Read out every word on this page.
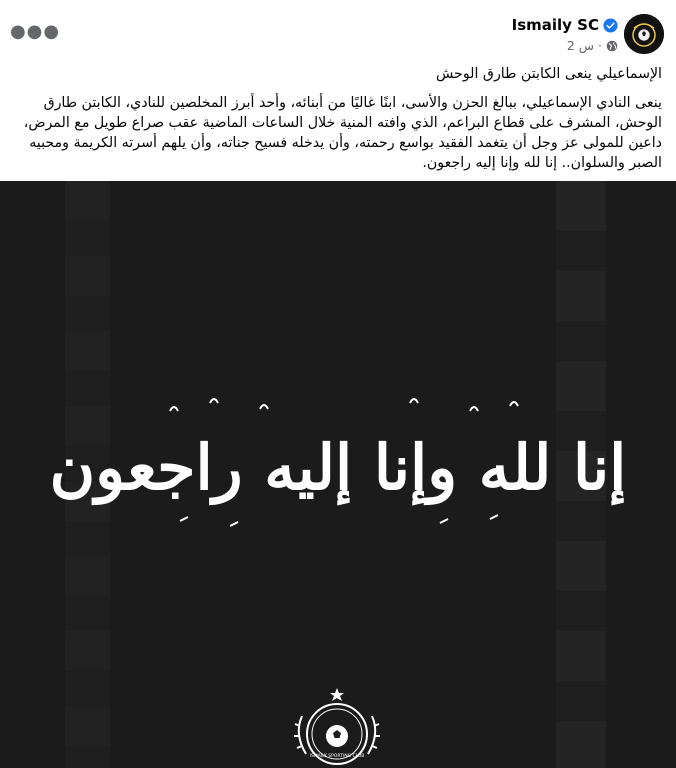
●●●	Ismaily SC
2 س ·

الإسماعيلي ينعى الكابتن طارق الوحش

ينعى النادي الإسماعيلي، ببالغ الحزن والأسى، ابنًا غاليًا من أبنائه، وأحد أبرز المخلصين للنادي، الكابتن طارق الوحش، المشرف على قطاع البراعم، الذي وافته المنية خلال الساعات الماضية عقب صراع طويل مع المرض، داعين للمولى عز وجل أن يتغمد الفقيد بواسع رحمته، وأن يدخله فسيح جناته، وأن يلهم أسرته الكريمة ومحبيه الصبر والسلوان.. إنا لله وإنا إليه راجعون.

إنا لله وإنا إليه راجعون
ISMAILY SPORTING CLUB
